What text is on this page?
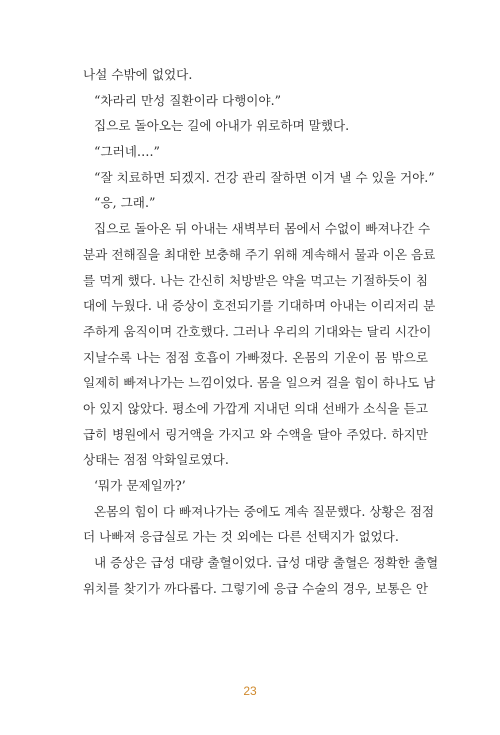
나설 수밖에 없었다.
“차라리 만성 질환이라 다행이야.”
집으로 돌아오는 길에 아내가 위로하며 말했다.
“그러네….”
“잘 치료하면 되겠지. 건강 관리 잘하면 이겨 낼 수 있을 거야.”
“응, 그래.”
집으로 돌아온 뒤 아내는 새벽부터 몸에서 수없이 빠져나간 수
분과 전해질을 최대한 보충해 주기 위해 계속해서 물과 이온 음료
를 먹게 했다. 나는 간신히 처방받은 약을 먹고는 기절하듯이 침
대에 누웠다. 내 증상이 호전되기를 기대하며 아내는 이리저리 분
주하게 움직이며 간호했다. 그러나 우리의 기대와는 달리 시간이
지날수록 나는 점점 호흡이 가빠졌다. 온몸의 기운이 몸 밖으로
일제히 빠져나가는 느낌이었다. 몸을 일으켜 걸을 힘이 하나도 남
아 있지 않았다. 평소에 가깝게 지내던 의대 선배가 소식을 듣고
급히 병원에서 링거액을 가지고 와 수액을 달아 주었다. 하지만
상태는 점점 악화일로였다.
‘뭐가 문제일까?’
온몸의 힘이 다 빠져나가는 중에도 계속 질문했다. 상황은 점점
더 나빠져 응급실로 가는 것 외에는 다른 선택지가 없었다.
내 증상은 급성 대량 출혈이었다. 급성 대량 출혈은 정확한 출혈
위치를 찾기가 까다롭다. 그렇기에 응급 수술의 경우, 보통은 안
23
